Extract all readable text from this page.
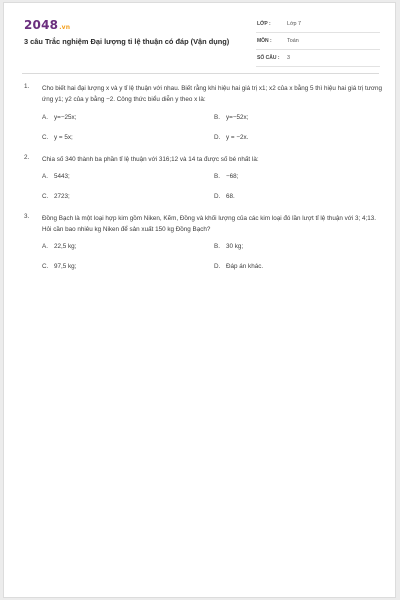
2048.vn
3 câu Trắc nghiệm Đại lượng tỉ lệ thuận có đáp (Vận dụng)
LỚP :	Lớp 7
MÔN :	Toán
SỐ CÂU : 3
1. Cho biết hai đại lượng x và y tỉ lệ thuận với nhau. Biết rằng khi hiệu hai giá trị x1; x2 của x bằng 5 thì hiệu hai giá trị tương ứng y1; y2 của y bằng −2. Công thức biểu diễn y theo x là:
A. y=−25x;	B. y=−52x;
C. y = 5x;	D. y = −2x.
2. Chia số 340 thành ba phần tỉ lệ thuận với 316;12 và 14 ta được số bé nhất là:
A. 5443;	B. −68;
C. 2723;	D. 68.
3. Đồng Bạch là một loại hợp kim gồm Niken, Kẽm, Đồng và khối lượng của các kim loại đó lần lượt tỉ lệ thuận với 3; 4;13. Hỏi cần bao nhiêu kg Niken để sản xuất 150 kg Đồng Bạch?
A. 22,5 kg;	B. 30 kg;
C. 97,5 kg;	D. Đáp án khác.
